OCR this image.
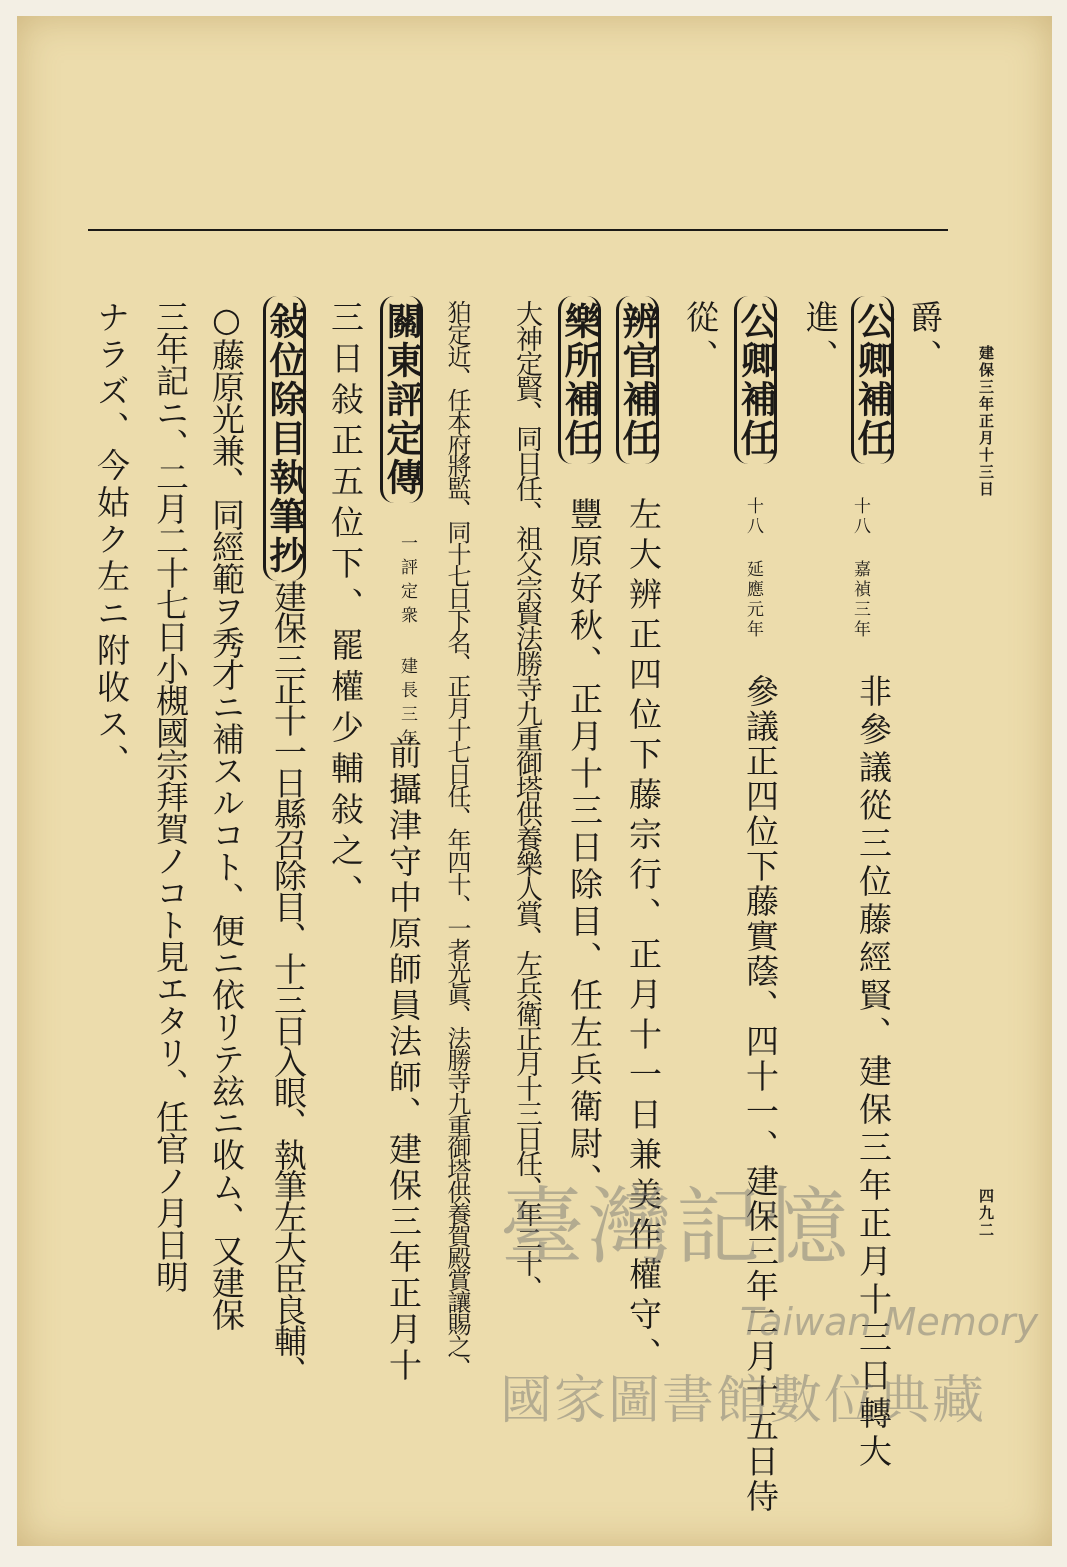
建保三年正月十三日
四九二
爵、
公卿補任
十八 嘉禎三年
非參議從三位藤經賢、建保三年正月十三日轉大
進、
公卿補任
十八 延應元年
參議正四位下藤實蔭、四十一、建保三年二月十五日侍
從、
辨官補任
左大辨正四位下藤宗行、正月十一日兼美作權守、
樂所補任
豐原好秋、正月十三日除目、任左兵衛尉、
大神定賢、同日任、祖父宗賢法勝寺九重御塔供養樂人賞、左兵衛正月十三日任、年二十、
狛定近、任本府將監、同十七日下名、正月十七日任、年四十、一者光眞、法勝寺九重御塔供養賀殿賞讓賜之、
關東評定傳
一評定衆 建長三年
前攝津守中原師員法師、建保三年正月十
三日敍正五位下、罷權少輔敍之、
敍位除目執筆抄
建保三正十一日縣召除目、十三日入眼、執筆左大臣良輔、
○藤原光兼、同經範ヲ秀才ニ補スルコト、便ニ依リテ玆ニ收ム、又建保
三年記ニ、二月二十七日小槻國宗拜賀ノコト見エタリ、任官ノ月日明
ナラズ、今姑ク左ニ附收ス、
臺灣記憶
Taiwan Memory
國家圖書館數位典藏
